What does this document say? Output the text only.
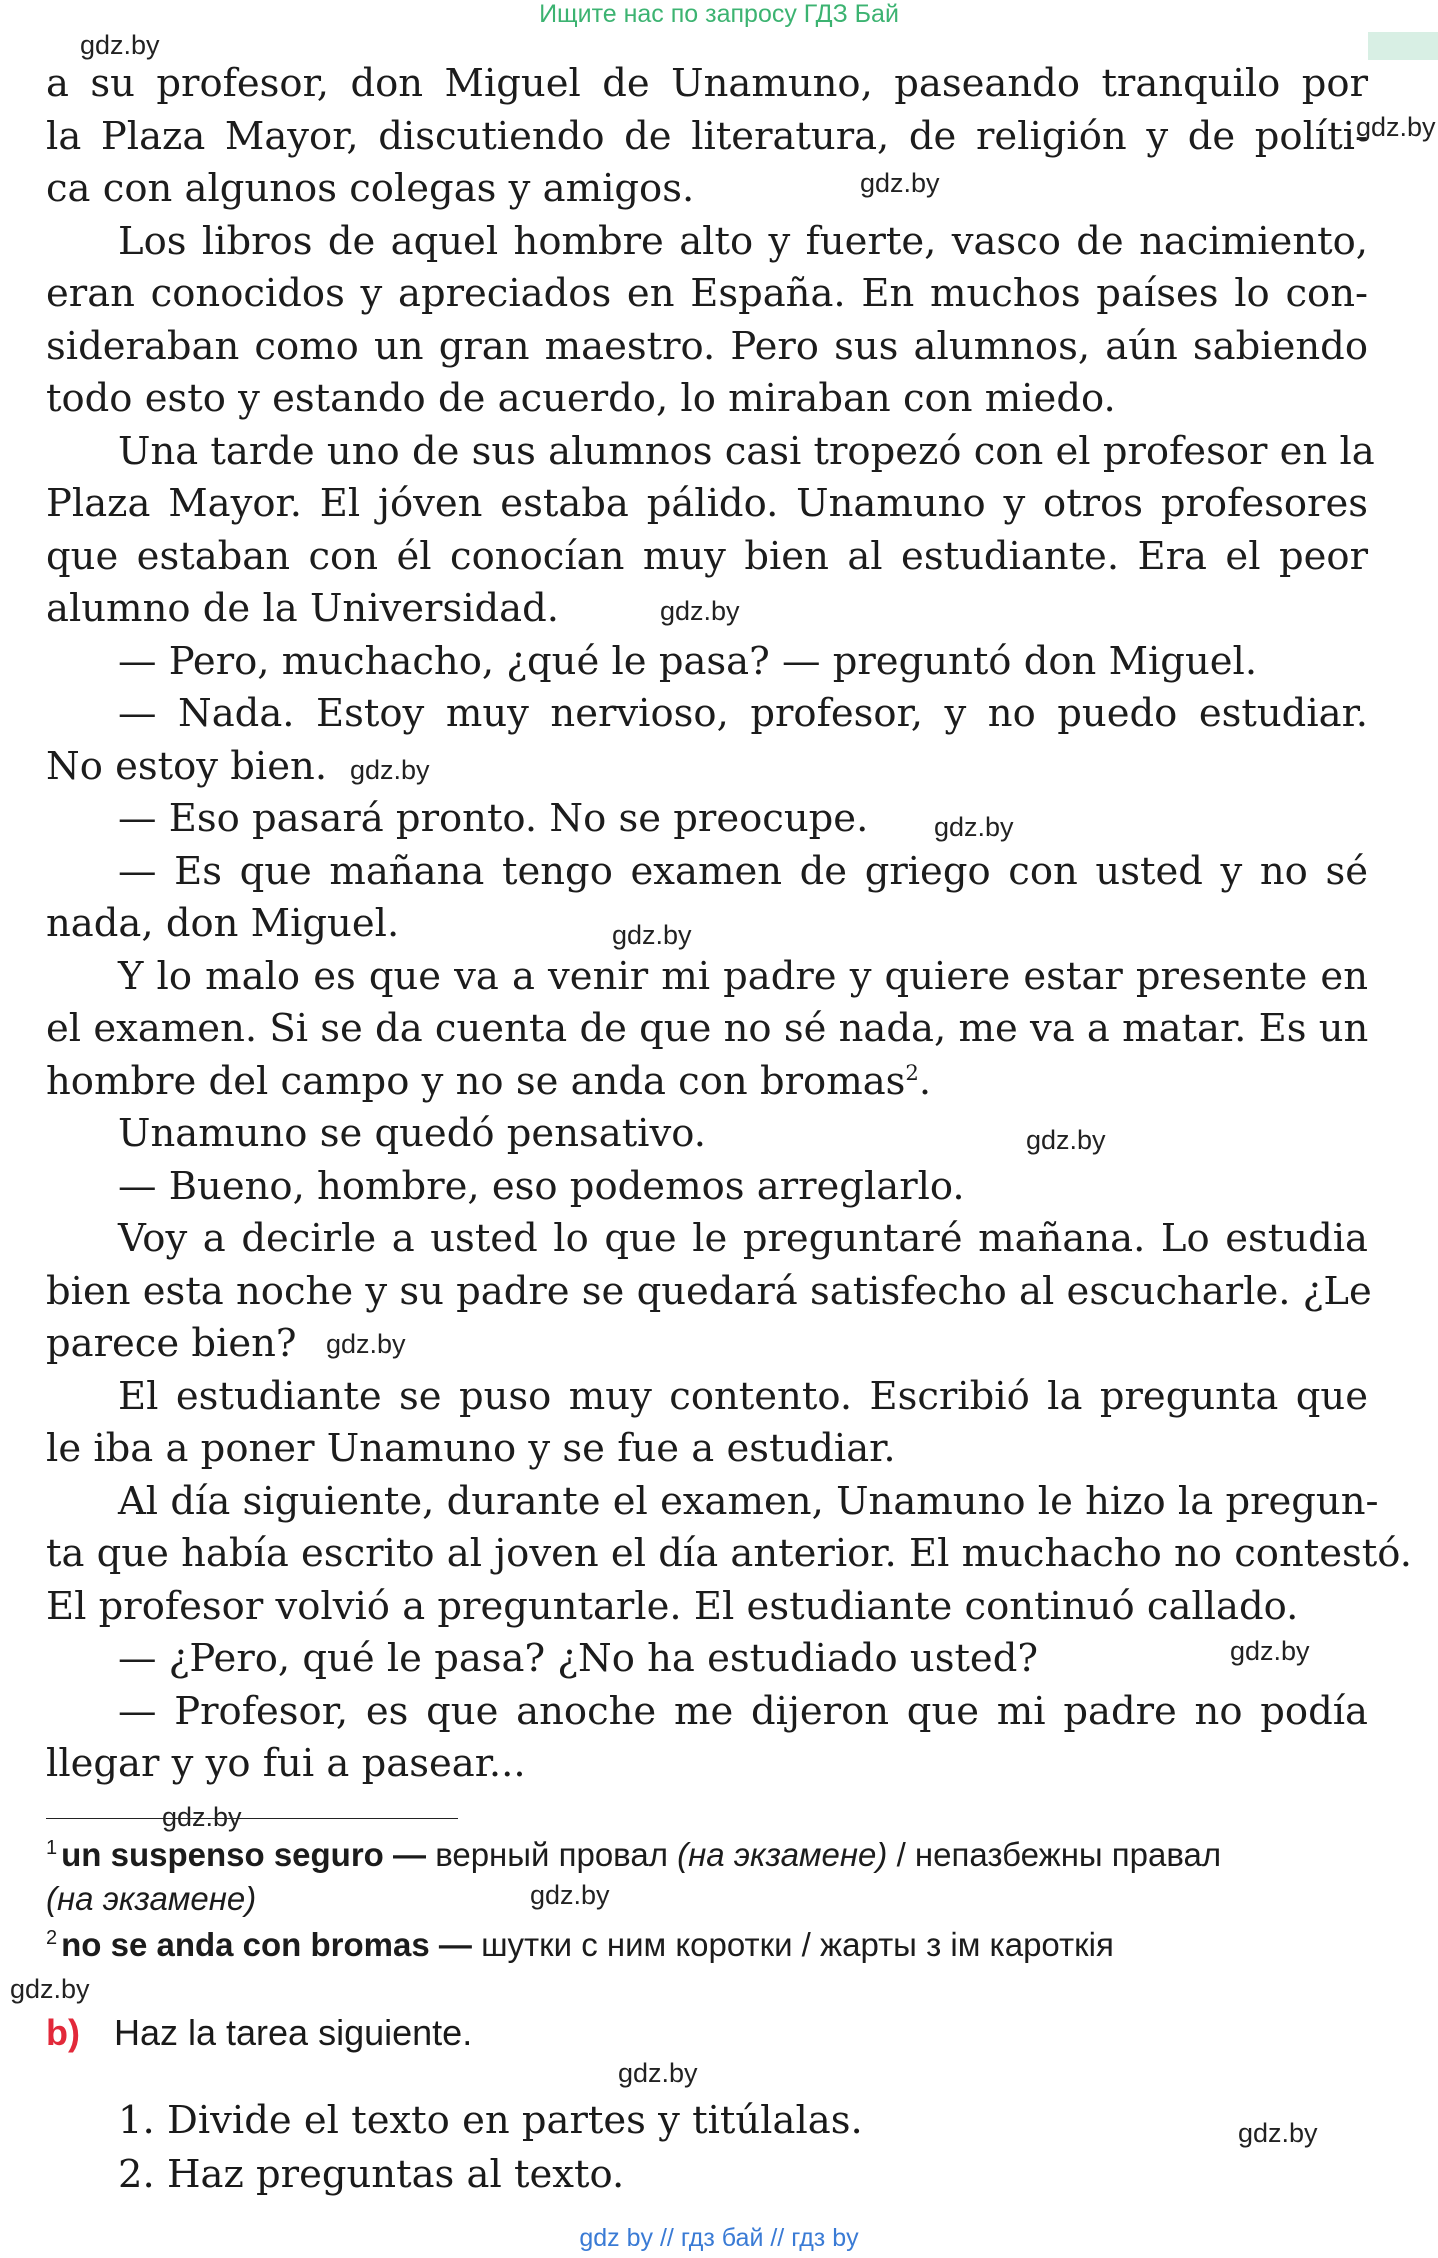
Ищите нас по запросу ГДЗ Бай
gdz.by
a su profesor, don Miguel de Unamuno, paseando tranquilo por
la Plaza Mayor, discutiendo de literatura, de religión y de políti-
ca con algunos colegas y amigos.
Los libros de aquel hombre alto y fuerte, vasco de nacimiento,
eran conocidos y apreciados en España. En muchos países lo con-
sideraban como un gran maestro. Pero sus alumnos, aún sabiendo
todo esto y estando de acuerdo, lo miraban con miedo.
Una tarde uno de sus alumnos casi tropezó con el profesor en la
Plaza Mayor. El jóven estaba pálido. Unamuno y otros profesores
que estaban con él conocían muy bien al estudiante. Era el peor
alumno de la Universidad.
— Pero, muchacho, ¿qué le pasa? — preguntó don Miguel.
— Nada. Estoy muy nervioso, profesor, y no puedo estudiar.
No estoy bien.
— Eso pasará pronto. No se preocupe.
— Es que mañana tengo examen de griego con usted y no sé
nada, don Miguel.
Y lo malo es que va a venir mi padre y quiere estar presente en
el examen. Si se da cuenta de que no sé nada, me va a matar. Es un
hombre del campo y no se anda con bromas$^2$.
Unamuno se quedó pensativo.
— Bueno, hombre, eso podemos arreglarlo.
Voy a decirle a usted lo que le preguntaré mañana. Lo estudia
bien esta noche y su padre se quedará satisfecho al escucharle. ¿Le
parece bien?
El estudiante se puso muy contento. Escribió la pregunta que
le iba a poner Unamuno y se fue a estudiar.
Al día siguiente, durante el examen, Unamuno le hizo la pregun-
ta que había escrito al joven el día anterior. El muchacho no contestó.
El profesor volvió a preguntarle. El estudiante continuó callado.
— ¿Pero, qué le pasa? ¿No ha estudiado usted?
— Profesor, es que anoche me dijeron que mi padre no podía
llegar y yo fui a pasear...
gdz.by
gdz.by
gdz.by
gdz.by
gdz.by
gdz.by
gdz.by
gdz.by
gdz.by
gdz.by
gdz.by
gdz.by
gdz.by
gdz.by
$^1$ un suspenso seguro — верный провал (на экзамене) / непазбежны правал
(на экзамене)
$^2$ no se anda con bromas — шутки с ним коротки / жарты з ім кароткія
b) Haz la tarea siguiente.
1. Divide el texto en partes y titúlalas.
2. Haz preguntas al texto.
gdz by // гдз бай // гдз by
